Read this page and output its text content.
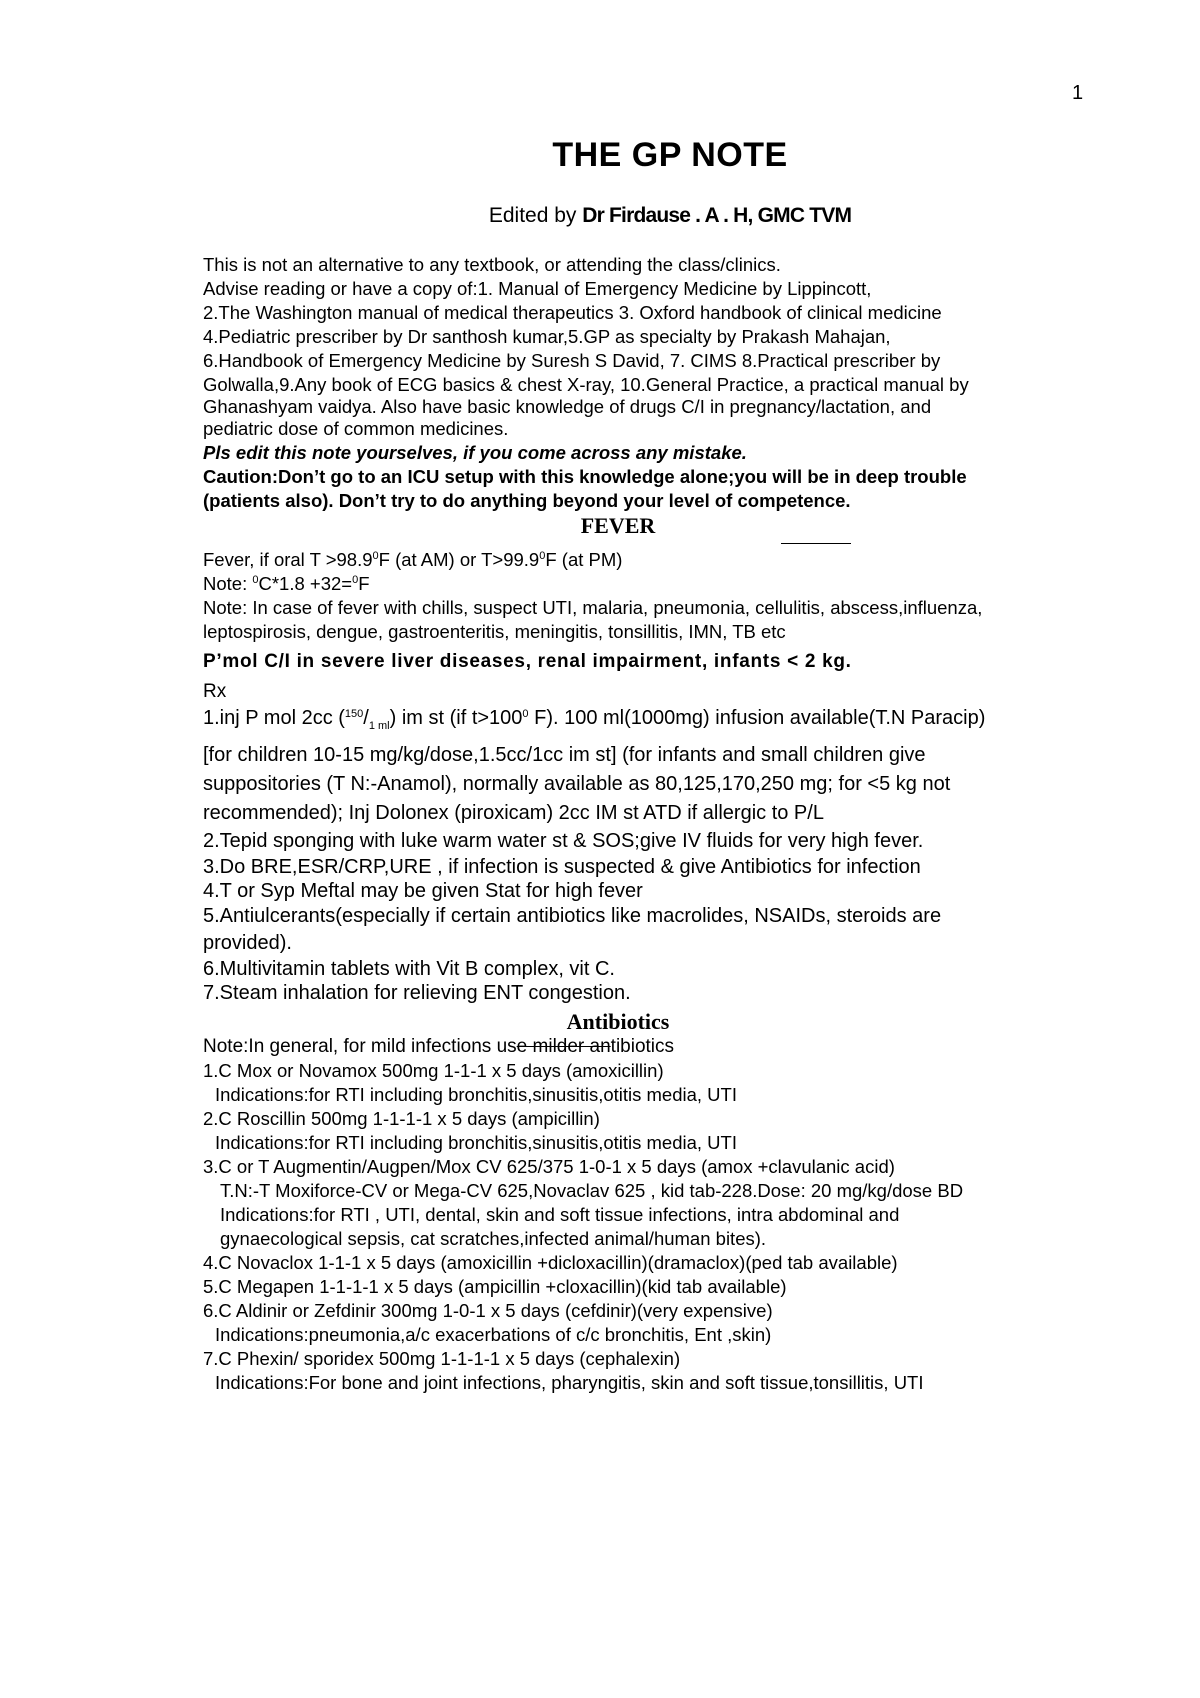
1
THE GP NOTE
Edited by Dr Firdause . A . H, GMC TVM

This is not an alternative to any textbook, or attending the class/clinics.

Advise reading or have a copy of:1. Manual of Emergency Medicine by Lippincott,

2.The Washington manual of medical therapeutics 3. Oxford handbook of clinical medicine

4.Pediatric prescriber by Dr santhosh kumar,5.GP as specialty by Prakash Mahajan,

6.Handbook of Emergency Medicine by Suresh S David, 7. CIMS 8.Practical prescriber by

Golwalla,9.Any book of ECG basics & chest X-ray, 10.General Practice, a practical manual by

Ghanashyam vaidya. Also have basic knowledge of drugs C/I in pregnancy/lactation, and

pediatric dose of common medicines.

Pls edit this note yourselves, if you come across any mistake.

Caution:Don’t go to an ICU setup with this knowledge alone;you will be in deep trouble

(patients also). Don’t try to do anything beyond your level of competence.

FEVER

Fever, if oral $T >98.9^0F$ (at AM) or $T>99.9^0F$ (at PM)

Note: $^0$C*1.8 +32=$^0$F

Note: In case of fever with chills, suspect UTI, malaria, pneumonia, cellulitis, abscess,influenza,

leptospirosis, dengue, gastroenteritis, meningitis, tonsillitis, IMN, TB etc

P’mol C/I in severe liver diseases, renal impairment, infants < 2 kg.

Rx

1.inj P mol 2cc $(^{150}/_{1 ml})$ im st (if $t>100^0$ F). 100 ml(1000mg) infusion available(T.N Paracip)

[for children 10-15 mg/kg/dose,1.5cc/1cc im st] (for infants and small children give

suppositories (T N:-Anamol), normally available as 80,125,170,250 mg; for <5 kg not

recommended); Inj Dolonex (piroxicam) 2cc IM st ATD if allergic to P/L

2.Tepid sponging with luke warm water st & SOS;give IV fluids for very high fever.

3.Do BRE,ESR/CRP,URE , if infection is suspected & give Antibiotics for infection

4.T or Syp Meftal may be given Stat for high fever

5.Antiulcerants(especially if certain antibiotics like macrolides, NSAIDs, steroids are

provided).

6.Multivitamin tablets with Vit B complex, vit C.

7.Steam inhalation for relieving ENT congestion.

Antibiotics

Note:In general, for mild infections use milder antibiotics

1.C Mox or Novamox 500mg 1-1-1 x 5 days (amoxicillin)

Indications:for RTI including bronchitis,sinusitis,otitis media, UTI

2.C Roscillin 500mg 1-1-1-1 x 5 days (ampicillin)

Indications:for RTI including bronchitis,sinusitis,otitis media, UTI

3.C or T Augmentin/Augpen/Mox CV 625/375 1-0-1 x 5 days (amox +clavulanic acid)

T.N:-T Moxiforce-CV or Mega-CV 625,Novaclav 625 , kid tab-228.Dose: 20 mg/kg/dose BD

Indications:for RTI , UTI, dental, skin and soft tissue infections, intra abdominal and

gynaecological sepsis, cat scratches,infected animal/human bites).

4.C Novaclox 1-1-1 x 5 days (amoxicillin +dicloxacillin)(dramaclox)(ped tab available)

5.C Megapen 1-1-1-1 x 5 days (ampicillin +cloxacillin)(kid tab available)

6.C Aldinir or Zefdinir 300mg 1-0-1 x 5 days (cefdinir)(very expensive)

Indications:pneumonia,a/c exacerbations of c/c bronchitis, Ent ,skin)

7.C Phexin/ sporidex 500mg 1-1-1-1 x 5 days (cephalexin)

Indications:For bone and joint infections, pharyngitis, skin and soft tissue,tonsillitis, UTI
